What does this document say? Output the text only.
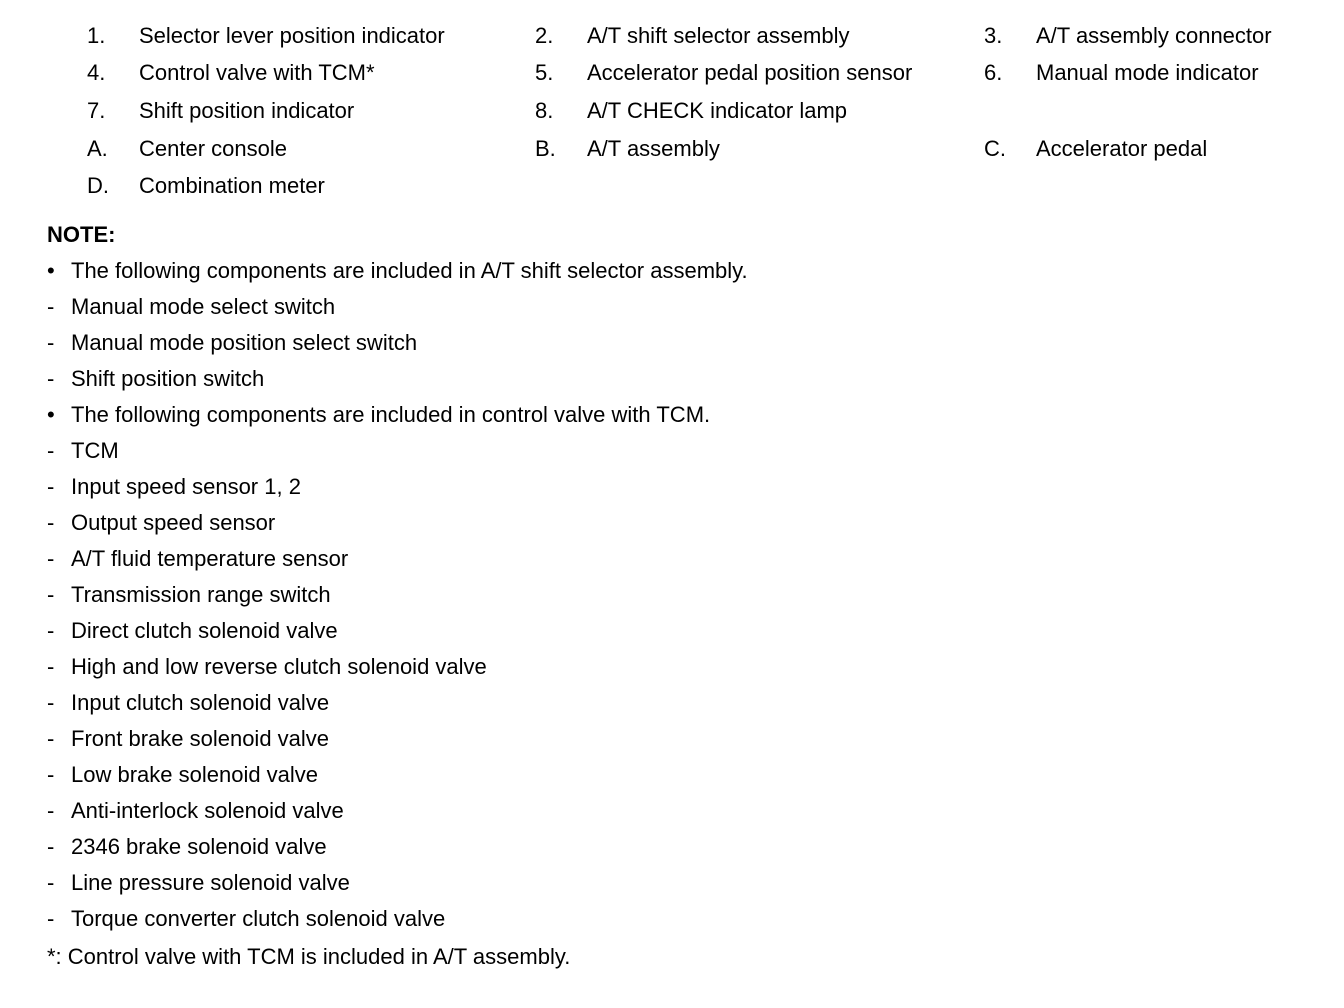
1. Selector lever position indicator	2. A/T shift selector assembly	3. A/T assembly connector
4. Control valve with TCM*	5. Accelerator pedal position sensor	6. Manual mode indicator
7. Shift position indicator	8. A/T CHECK indicator lamp
A. Center console	B. A/T assembly	C. Accelerator pedal
D. Combination meter
NOTE:
• The following components are included in A/T shift selector assembly.
- Manual mode select switch
- Manual mode position select switch
- Shift position switch
• The following components are included in control valve with TCM.
- TCM
- Input speed sensor 1, 2
- Output speed sensor
- A/T fluid temperature sensor
- Transmission range switch
- Direct clutch solenoid valve
- High and low reverse clutch solenoid valve
- Input clutch solenoid valve
- Front brake solenoid valve
- Low brake solenoid valve
- Anti-interlock solenoid valve
- 2346 brake solenoid valve
- Line pressure solenoid valve
- Torque converter clutch solenoid valve
*: Control valve with TCM is included in A/T assembly.
